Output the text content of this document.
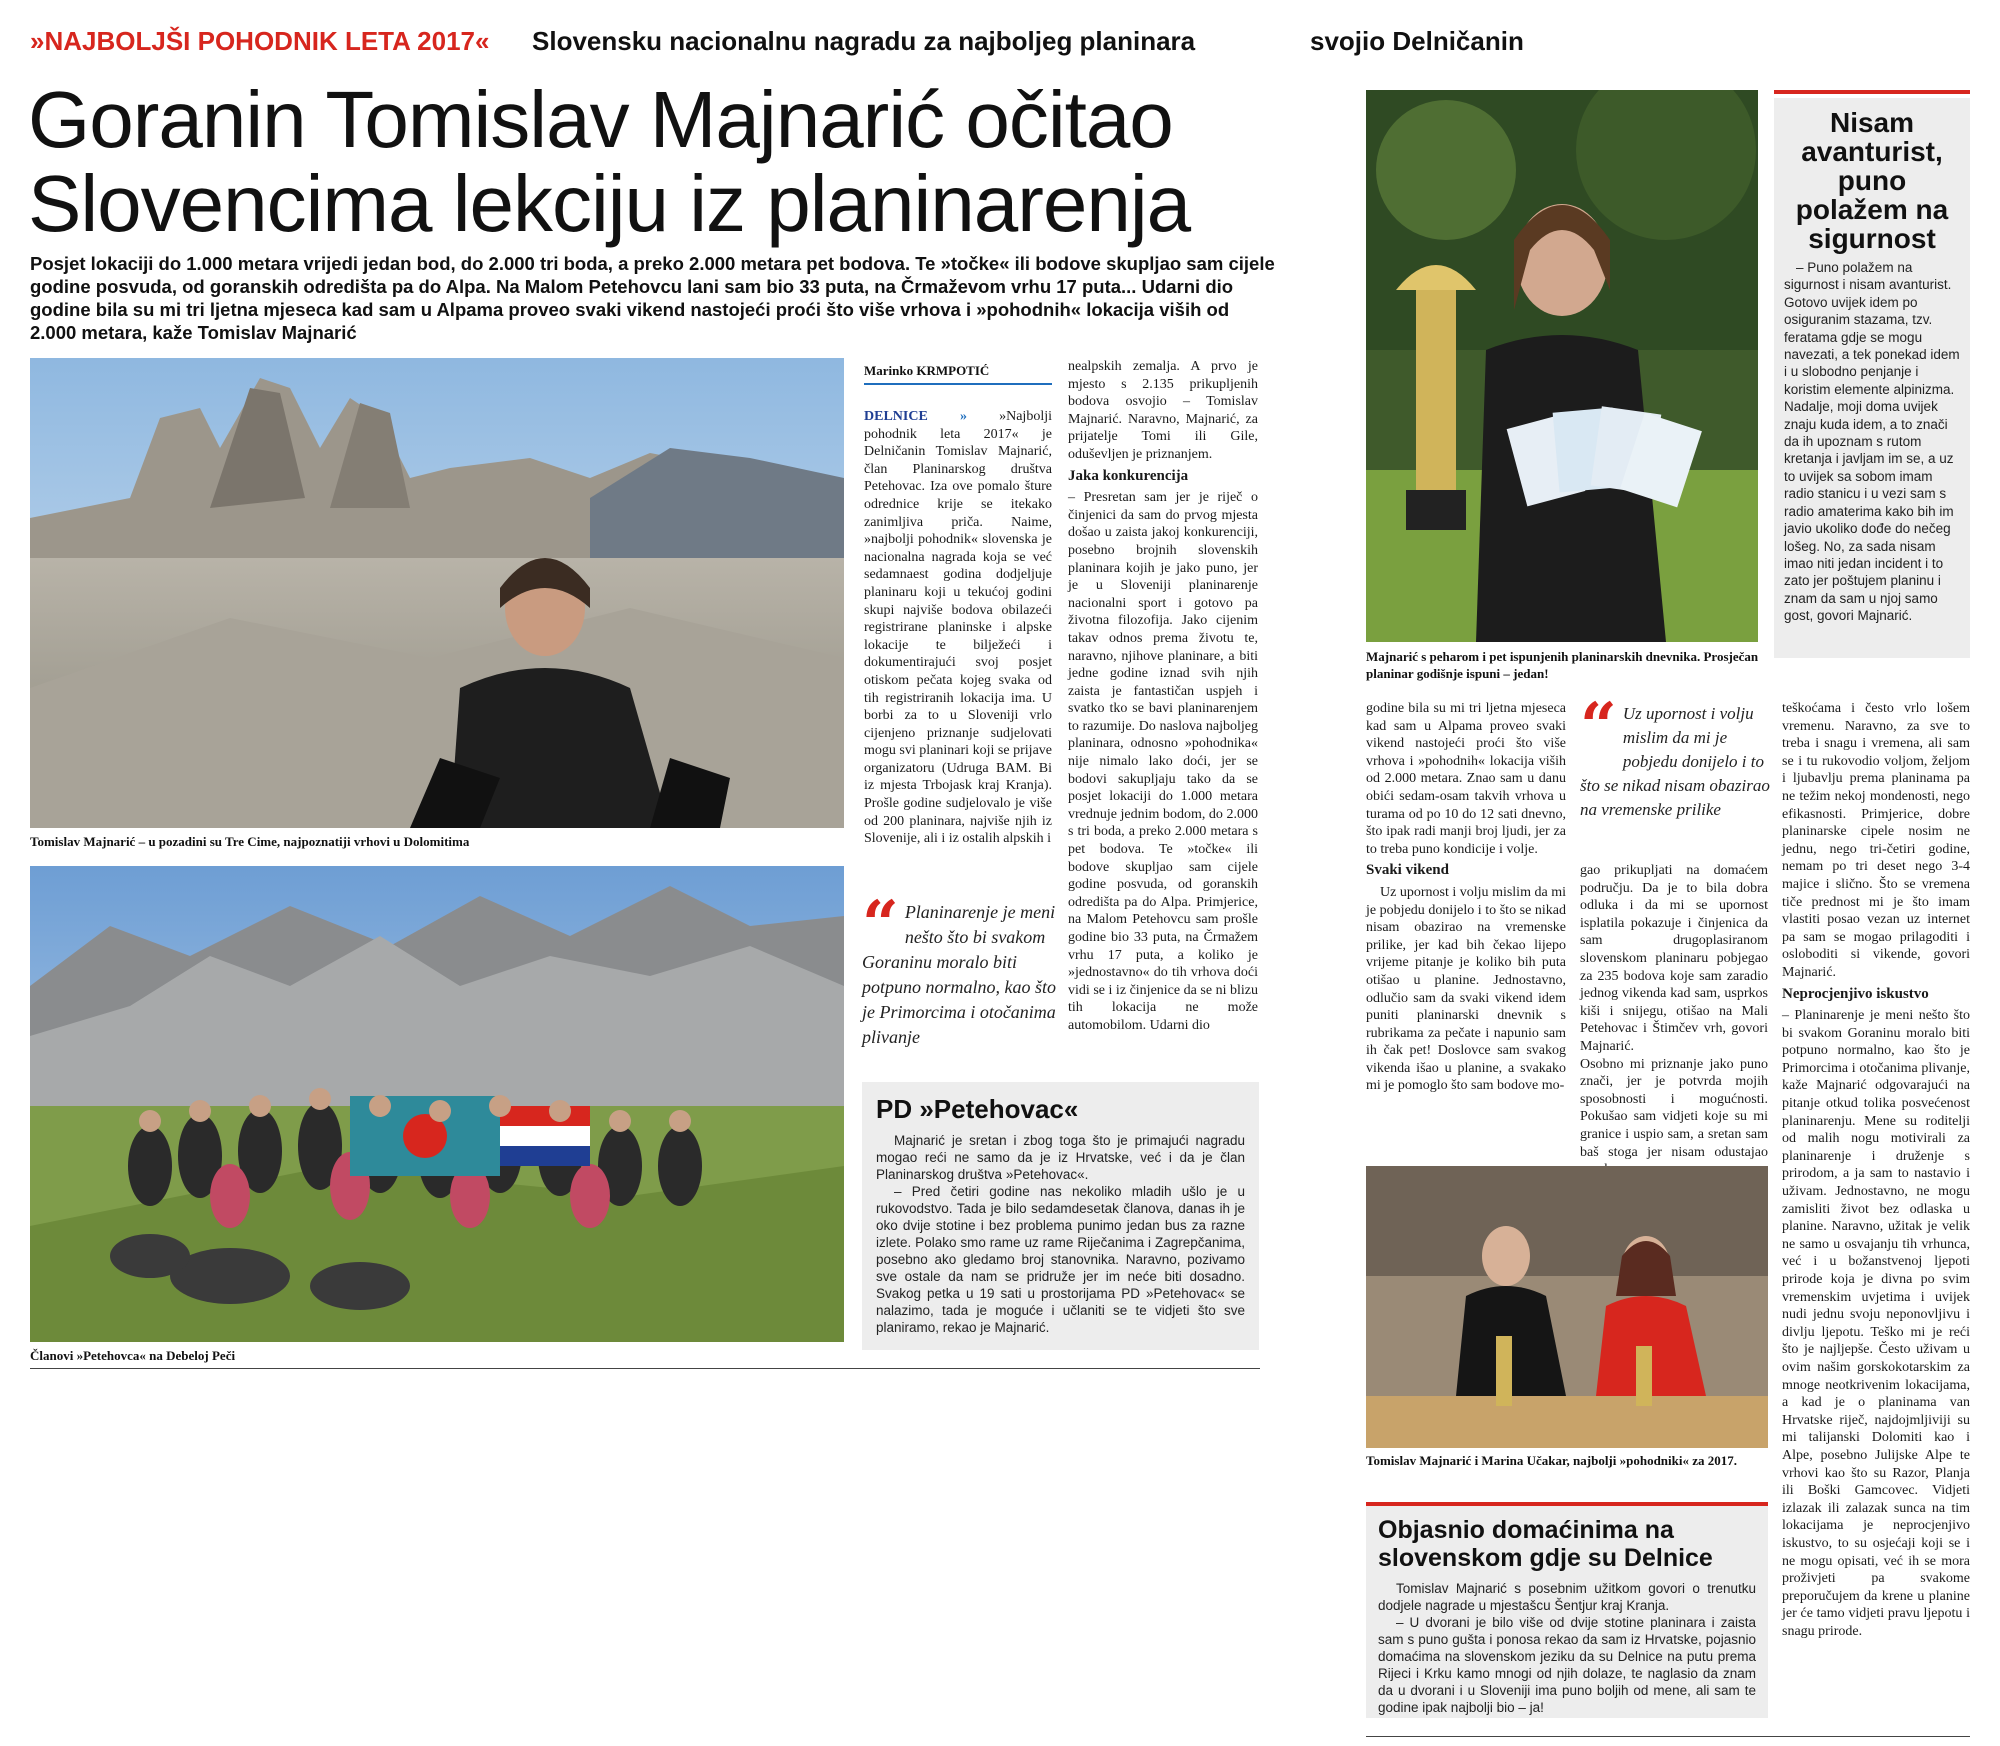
»NAJBOLJŠI POHODNIK LETA 2017« Slovensku nacionalnu nagradu za najboljeg planinara
Goranin Tomislav Majnarić očitao
Slovencima lekciju iz planinarenja
Posjet lokaciji do 1.000 metara vrijedi jedan bod, do 2.000 tri boda, a preko 2.000 metara pet bodova. Te »točke« ili bodove skupljao sam cijele godine posvuda, od goranskih odredišta pa do Alpa. Na Malom Petehovcu lani sam bio 33 puta, na Črmaževom vrhu 17 puta... Udarni dio godine bila su mi tri ljetna mjeseca kad sam u Alpama proveo svaki vikend nastojeći proći što više vrhova i »pohodnih« lokacija viših od 2.000 metara, kaže Tomislav Majnarić
Tomislav Majnarić – u pozadini su Tre Cime, najpoznatiji vrhovi u Dolomitima
Članovi »Petehovca« na Debeloj Peči
Marinko KRMPOTIĆ
DELNICE  »  »Najbolji pohodnik leta 2017« je Delničanin Tomislav Majnarić, član Planinarskog društva Petehovac. Iza ove pomalo šture odrednice krije se itekako zanimljiva priča. Naime, »najbolji pohodnik« slovenska je nacionalna nagrada koja se već sedamnaest godina dodjeljuje planinaru koji u tekućoj godini skupi najviše bodova obilazeći registrirane planinske i alpske lokacije te bilježeći i dokumentirajući svoj posjet otiskom pečata kojeg svaka od tih registriranih lokacija ima. U borbi za to u Sloveniji vrlo cijenjeno priznanje sudjelovati mogu svi planinari koji se prijave organizatoru (Udruga BAM. Bi iz mjesta Trbojask kraj Kranja). Prošle godine sudjelovalo je više od 200 planinara, najviše njih iz Slovenije, ali i iz ostalih alpskih i
nealpskih zemalja. A prvo je mjesto s 2.135 prikupljenih bodova osvojio – Tomislav Majnarić. Naravno, Majnarić, za prijatelje Tomi ili Gile, oduševljen je priznanjem.
Jaka konkurencija
– Presretan sam jer je riječ o činjenici da sam do prvog mjesta došao u zaista jakoj konkurenciji, posebno brojnih slovenskih planinara kojih je jako puno, jer je u Sloveniji planinarenje nacionalni sport i gotovo pa životna filozofija. Jako cijenim takav odnos prema životu te, naravno, njihove planinare, a biti jedne godine iznad svih njih zaista je fantastičan uspjeh i svatko tko se bavi planinarenjem to razumije. Do naslova najboljeg planinara, odnosno »pohodnika« nije nimalo lako doći, jer se bodovi sakupljaju tako da se posjet lokaciji do 1.000 metara vrednuje jednim bodom, do 2.000 s tri boda, a preko 2.000 metara s pet bodova. Te »točke« ili bodove skupljao sam cijele godine posvuda, od goranskih odredišta pa do Alpa. Primjerice, na Malom Petehovcu sam prošle godine bio 33 puta, na Črmažem vrhu 17 puta, a koliko je »jednostavno« do tih vrhova doći vidi se i iz činjenice da se ni blizu tih lokacija ne može automobilom. Udarni dio
“ Planinarenje je meni nešto što bi svakom Goraninu moralo biti potpuno normalno, kao što je Primorcima i otočanima plivanje
PD »Petehovac«
Majnarić je sretan i zbog toga što je primajući nagradu mogao reći ne samo da je iz Hrvatske, već i da je član Planinarskog društva »Petehovac«.
– Pred četiri godine nas nekoliko mladih ušlo je u rukovodstvo. Tada je bilo sedamdesetak članova, danas ih je oko dvije stotine i bez problema punimo jedan bus za razne izlete. Polako smo rame uz rame Riječanima i Zagrepčanima, posebno ako gledamo broj stanovnika. Naravno, pozivamo sve ostale da nam se pridruže jer im neće biti dosadno. Svakog petka u 19 sati u prostorijama PD »Petehovac« se nalazimo, tada je moguće i učlaniti se te vidjeti što sve planiramo, rekao je Majnarić.
svojio Delničanin
Majnarić s peharom i pet ispunjenih planinarskih dnevnika. Prosječan planinar godišnje ispuni – jedan!
Nisam avanturist, puno polažem na sigurnost
– Puno polažem na sigurnost i nisam avanturist. Gotovo uvijek idem po osiguranim stazama, tzv. feratama gdje se mogu navezati, a tek ponekad idem i u slobodno penjanje i koristim elemente alpinizma. Nadalje, moji doma uvijek znaju kuda idem, a to znači da ih upoznam s rutom kretanja i javljam im se, a uz to uvijek sa sobom imam radio stanicu i u vezi sam s radio amaterima kako bih im javio ukoliko dođe do nečeg lošeg. No, za sada nisam imao niti jedan incident i to zato jer poštujem planinu i znam da sam u njoj samo gost, govori Majnarić.
godine bila su mi tri ljetna mjeseca kad sam u Alpama proveo svaki vikend nastojeći proći što više vrhova i »pohodnih« lokacija viših od 2.000 metara. Znao sam u danu obići sedam-osam takvih vrhova u turama od po 10 do 12 sati dnevno, što ipak radi manji broj ljudi, jer za to treba puno kondicije i volje.
Svaki vikend
Uz upornost i volju mislim da mi je pobjedu donijelo i to što se nikad nisam obazirao na vremenske prilike, jer kad bih čekao lijepo vrijeme pitanje je koliko bih puta otišao u planine. Jednostavno, odlučio sam da svaki vikend idem puniti planinarski dnevnik s rubrikama za pečate i napunio sam ih čak pet! Doslovce sam svakog vikenda išao u planine, a svakako mi je pomoglo što sam bodove mo-
“ Uz upornost i volju mislim da mi je pobjedu donijelo i to što se nikad nisam obazirao na vremenske prilike
gao prikupljati na domaćem području. Da je to bila dobra odluka i da mi se upornost isplatila pokazuje i činjenica da sam drugoplasiranom slovenskom planinaru pobjegao za 235 bodova koje sam zaradio jednog vikenda kad sam, usprkos kiši i snijegu, otišao na Mali Petehovac i Štimčev vrh, govori Majnarić.
Osobno mi priznanje jako puno znači, jer je potvrda mojih sposobnosti i mogućnosti. Pokušao sam vidjeti koje su mi granice i uspio sam, a sretan sam baš stoga jer nisam odustajao
teškoćama i često vrlo lošem vremenu. Naravno, za sve to treba i snagu i vremena, ali sam se i tu rukovodio voljom, željom i ljubavlju prema planinama pa ne težim nekoj mondenosti, nego efikasnosti. Primjerice, dobre planinarske cipele nosim ne jednu, nego tri-četiri godine, nemam po tri deset nego 3-4 majice i slično. Što se vremena tiče prednost mi je što imam vlastiti posao vezan uz internet pa sam se mogao prilagoditi i osloboditi si vikende, govori Majnarić.
Neprocjenjivo iskustvo
– Planinarenje je meni nešto što bi svakom Goraninu moralo biti potpuno normalno, kao što je Primorcima i otočanima plivanje, kaže Majnarić odgovarajući na pitanje otkud tolika posvećenost planinarenju. Mene su roditelji od malih nogu motivirali za planinarenje i druženje s prirodom, a ja sam to nastavio i uživam. Jednostavno, ne mogu zamisliti život bez odlaska u planine. Naravno, užitak je velik ne samo u osvajanju tih vrhunca, već i u božanstvenoj ljepoti prirode koja je divna po svim vremenskim uvjetima i uvijek nudi jednu svoju neponovljivu i divlju ljepotu. Teško mi je reći što je najljepše. Često uživam u ovim našim gorskokotarskim za mnoge neotkrivenim lokacijama, a kad je o planinama van Hrvatske riječ, najdojmljiviji su mi talijanski Dolomiti kao i Alpe, posebno Julijske Alpe te vrhovi kao što su Razor, Planja ili Boški Gamcovec. Vidjeti izlazak ili zalazak sunca na tim lokacijama je neprocjenjivo iskustvo, to su osjećaji koji se i ne mogu opisati, već ih se mora proživjeti pa svakome preporučujem da krene u planine jer će tamo vidjeti pravu ljepotu i snagu prirode.
Tomislav Majnarić i Marina Učakar, najbolji »pohodniki« za 2017.
Objasnio domaćinima na slovenskom gdje su Delnice
Tomislav Majnarić s posebnim užitkom govori o trenutku dodjele nagrade u mjestašcu Šentjur kraj Kranja.
– U dvorani je bilo više od dvije stotine planinara i zaista sam s puno gušta i ponosa rekao da sam iz Hrvatske, pojasnio domaćima na slovenskom jeziku da su Delnice na putu prema Rijeci i Krku kamo mnogi od njih dolaze, te naglasio da znam da u dvorani i u Sloveniji ima puno boljih od mene, ali sam te godine ipak najbolji bio – ja!
